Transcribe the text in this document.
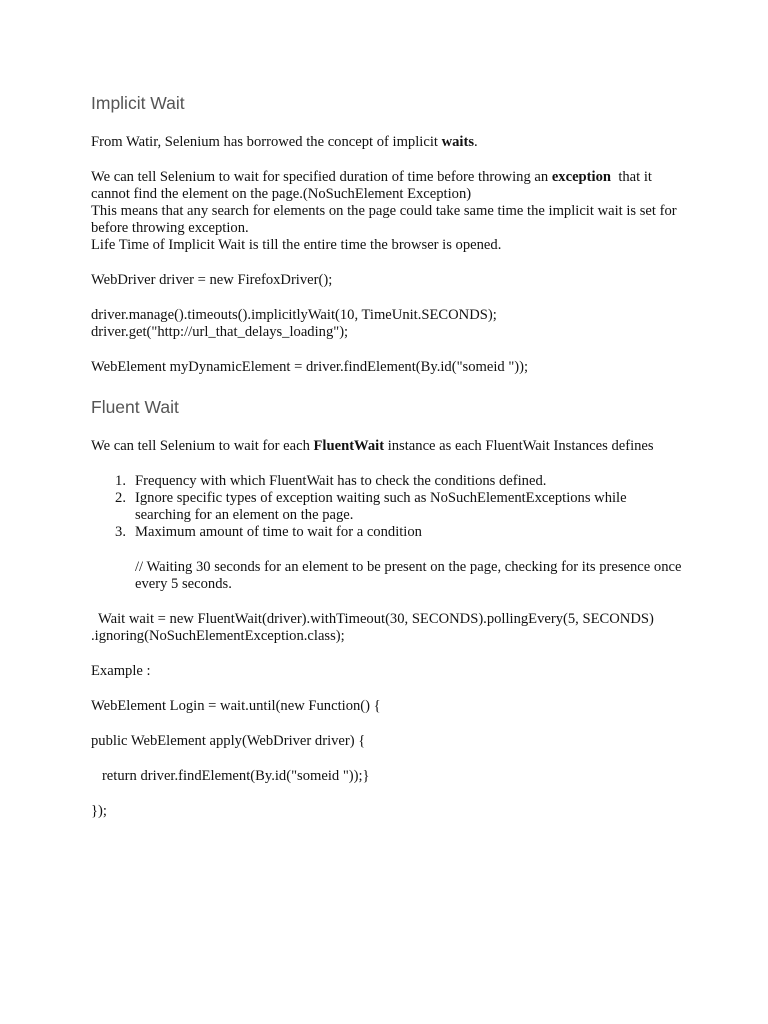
Implicit Wait

From Watir, Selenium has borrowed the concept of implicit waits.

We can tell Selenium to wait for specified duration of time before throwing an exception  that it

cannot find the element on the page.(NoSuchElement Exception)

This means that any search for elements on the page could take same time the implicit wait is set for

before throwing exception.

Life Time of Implicit Wait is till the entire time the browser is opened.

WebDriver driver = new FirefoxDriver();

driver.manage().timeouts().implicitlyWait(10, TimeUnit.SECONDS);

driver.get("http://url_that_delays_loading");

WebElement myDynamicElement = driver.findElement(By.id("someid "));

Fluent Wait

We can tell Selenium to wait for each FluentWait instance as each FluentWait Instances defines

1. Frequency with which FluentWait has to check the conditions defined.
2. Ignore specific types of exception waiting such as NoSuchElementExceptions while
searching for an element on the page.
3. Maximum amount of time to wait for a condition
// Waiting 30 seconds for an element to be present on the page, checking for its presence once
every 5 seconds.

Wait wait = new FluentWait(driver).withTimeout(30, SECONDS).pollingEvery(5, SECONDS)

.ignoring(NoSuchElementException.class);

Example :

WebElement Login = wait.until(new Function() {

public WebElement apply(WebDriver driver) {

return driver.findElement(By.id("someid "));}

});
